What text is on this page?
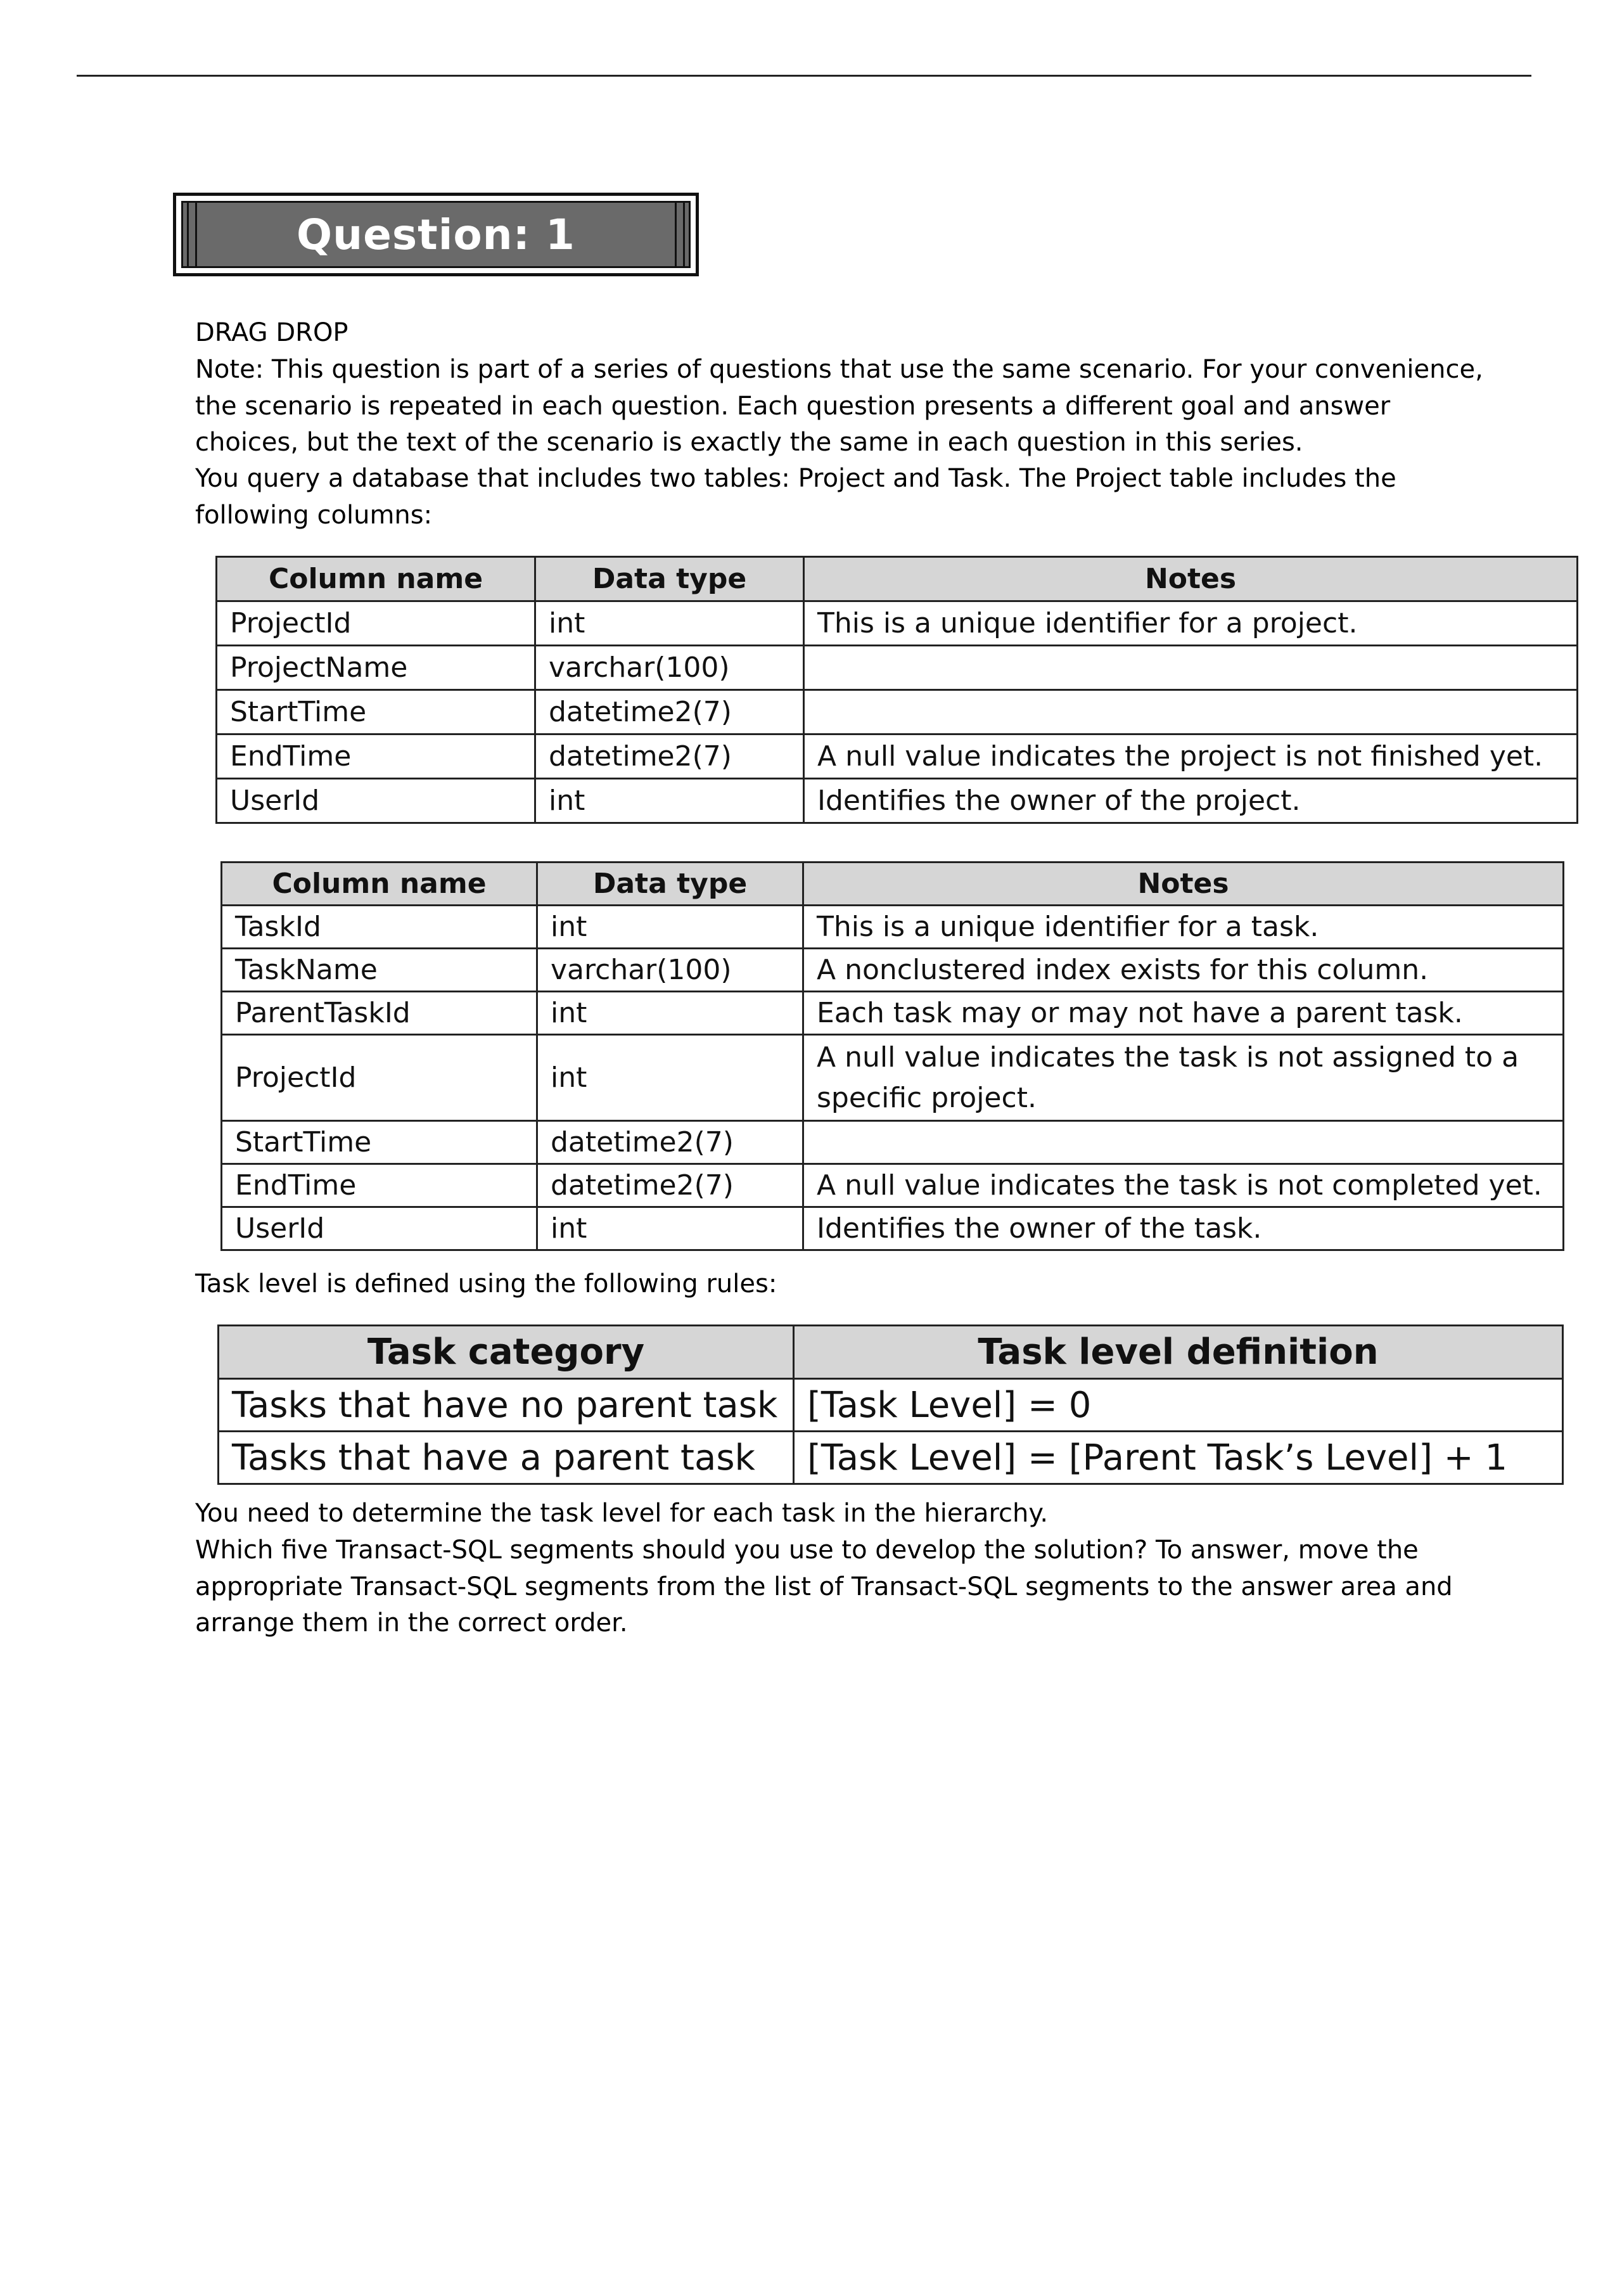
Question: 1

DRAG DROP

Note: This question is part of a series of questions that use the same scenario. For your convenience, the scenario is repeated in each question. Each question presents a different goal and answer choices, but the text of the scenario is exactly the same in each question in this series.

You query a database that includes two tables: Project and Task. The Project table includes the following columns:

Column name	Data type	Notes
ProjectId	int	This is a unique identifier for a project.
ProjectName	varchar(100)	
StartTime	datetime2(7)	
EndTime	datetime2(7)	A null value indicates the project is not finished yet.
UserId	int	Identifies the owner of the project.
Column name	Data type	Notes
TaskId	int	This is a unique identifier for a task.
TaskName	varchar(100)	A nonclustered index exists for this column.
ParentTaskId	int	Each task may or may not have a parent task.
ProjectId	int	A null value indicates the task is not assigned to a specific project.
StartTime	datetime2(7)	
EndTime	datetime2(7)	A null value indicates the task is not completed yet.
UserId	int	Identifies the owner of the task.

Task level is defined using the following rules:

Task category	Task level definition
Tasks that have no parent task	[Task Level] = 0
Tasks that have a parent task	[Task Level] = [Parent Task’s Level] + 1

You need to determine the task level for each task in the hierarchy.

Which five Transact-SQL segments should you use to develop the solution? To answer, move the appropriate Transact-SQL segments from the list of Transact-SQL segments to the answer area and arrange them in the correct order.
